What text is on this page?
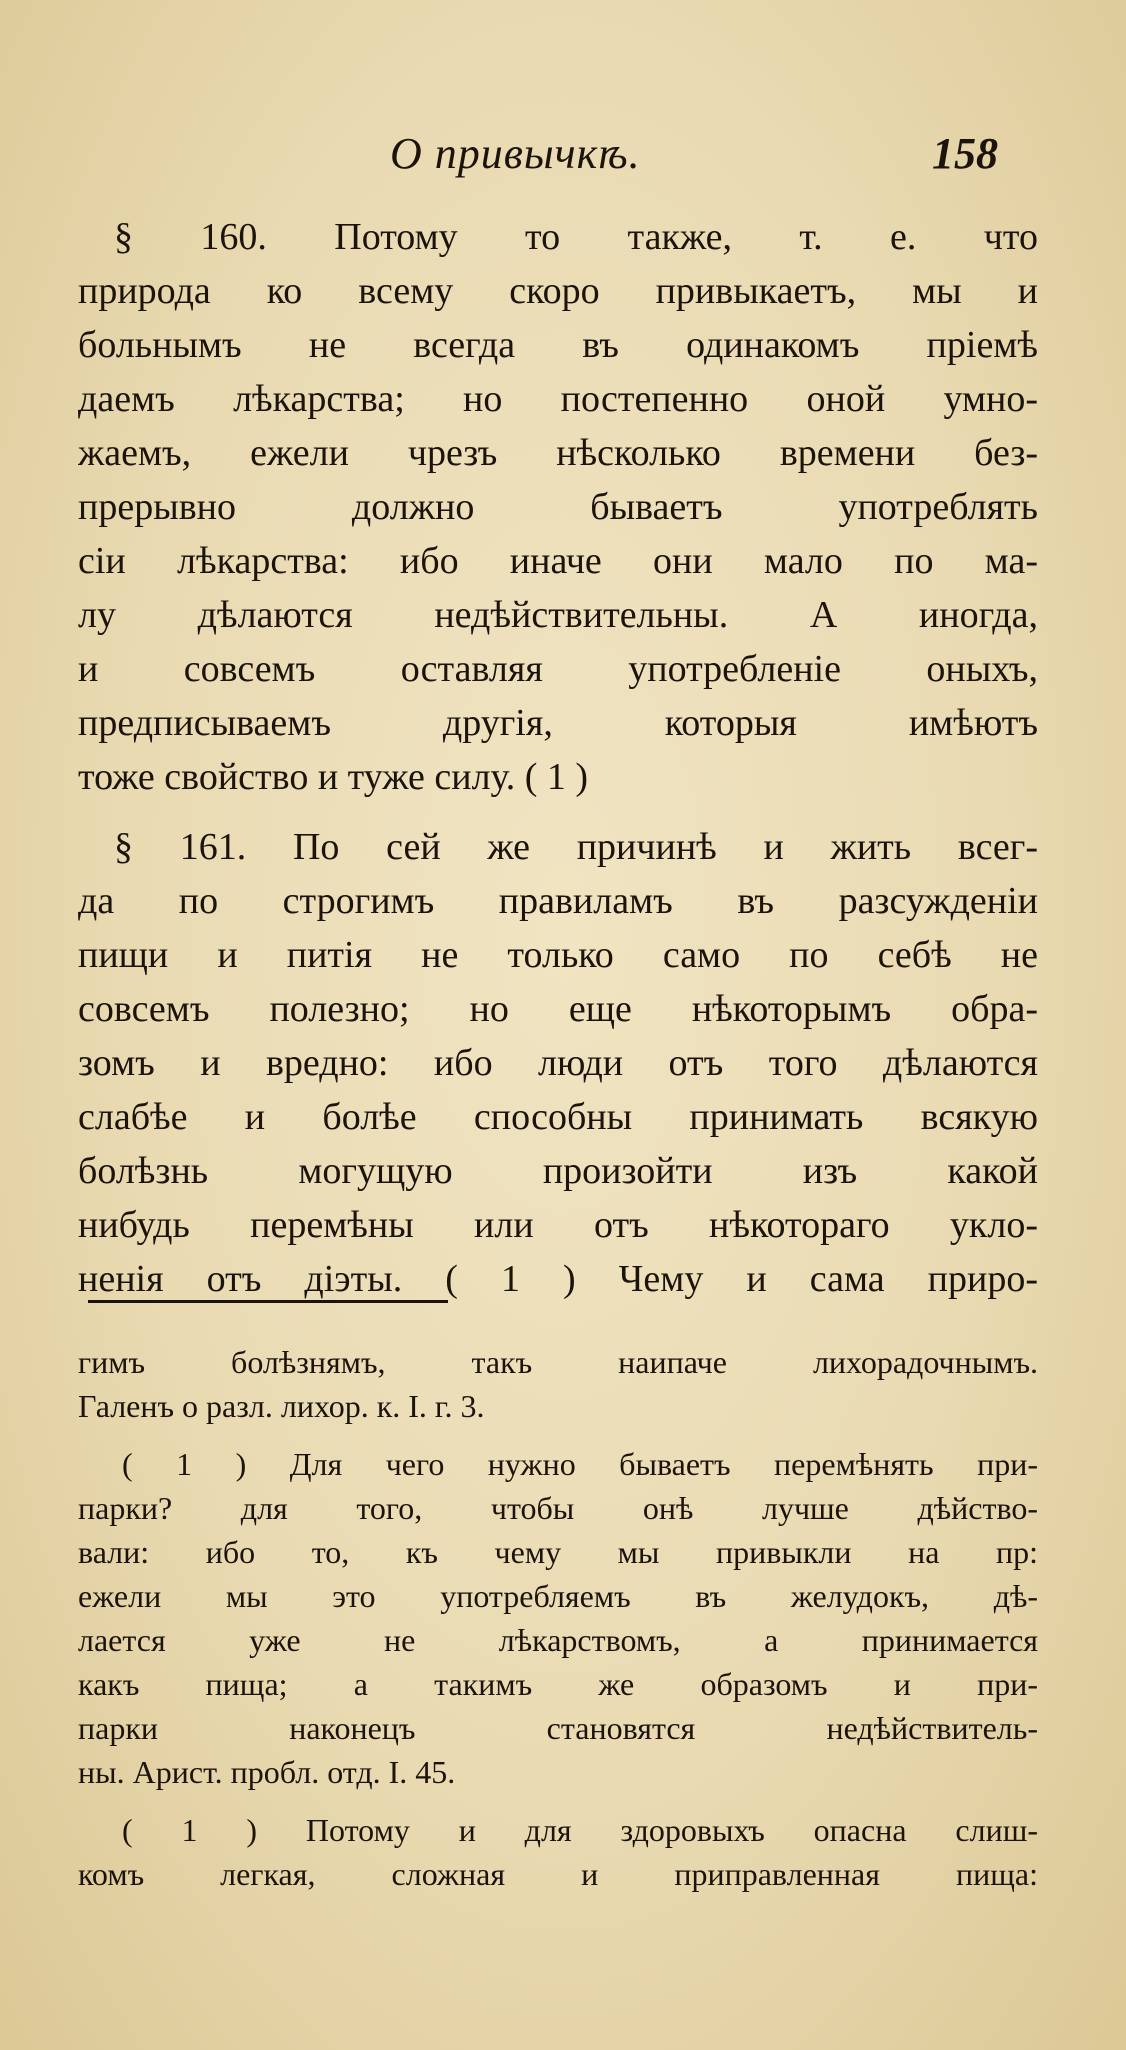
О привычкѣ.	158
§ 160. Потому то также, т. е. что
природа ко всему скоро привыкаетъ, мы и
больнымъ не всегда въ одинакомъ пріемѣ
даемъ лѣкарства; но постепенно оной умно-
жаемъ, ежели чрезъ нѣсколько времени без-
прерывно должно бываетъ употреблять
сіи лѣкарства: ибо иначе они мало по ма-
лу дѣлаются недѣйствительны. А иногда,
и совсемъ оставляя употребленіе оныхъ,
предписываемъ другія, которыя имѣютъ
тоже свойство и туже силу. ( 1 )
§ 161. По сей же причинѣ и жить всег-
да по строгимъ правиламъ въ разсужденіи
пищи и питія не только само по себѣ не
совсемъ полезно; но еще нѣкоторымъ обра-
зомъ и вредно: ибо люди отъ того дѣлаются
слабѣе и болѣе способны принимать всякую
болѣзнь могущую произойти изъ какой
нибудь перемѣны или отъ нѣкотораго укло-
ненія отъ діэты. ( 1 ) Чему и сама приро-
гимъ болѣзнямъ, такъ наипаче лихорадочнымъ.
Галенъ о разл. лихор. к. I. г. 3.
( 1 ) Для чего нужно бываетъ перемѣнять при-
парки? для того, чтобы онѣ лучше дѣйство-
вали: ибо то, къ чему мы привыкли на пр:
ежели мы это употребляемъ въ желудокъ, дѣ-
лается уже не лѣкарствомъ, а принимается
какъ пища; а такимъ же образомъ и при-
парки наконецъ становятся недѣйствитель-
ны. Арист. пробл. отд. I. 45.
( 1 ) Потому и для здоровыхъ опасна слиш-
комъ легкая, сложная и приправленная пища:
